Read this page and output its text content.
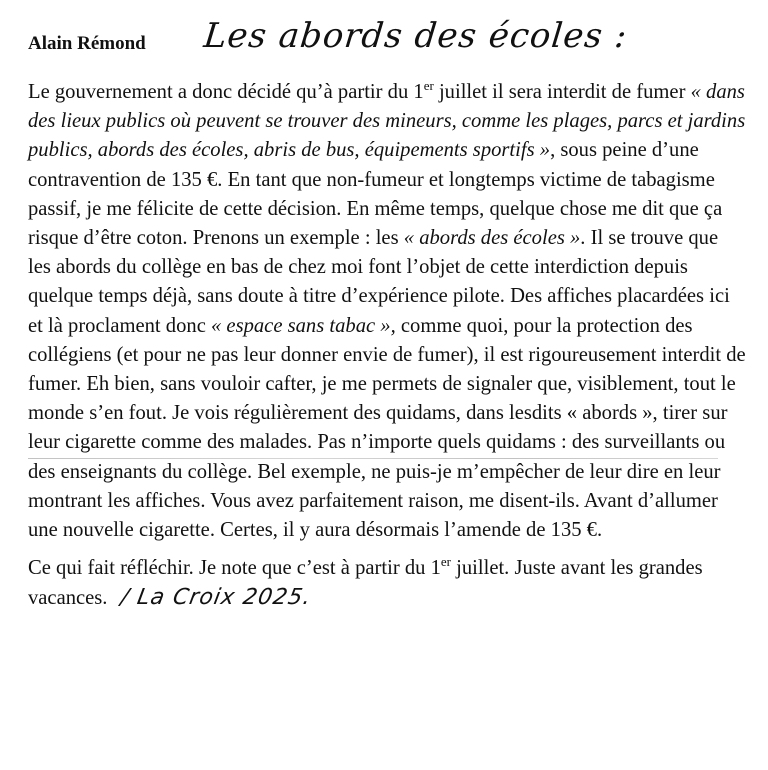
Alain Rémond Les abords des écoles :

Le gouvernement a donc décidé qu’à partir du 1er juillet il sera interdit de fumer « dans des lieux publics où peuvent se trouver des mineurs, comme les plages, parcs et jardins publics, abords des écoles, abris de bus, équipements sportifs », sous peine d’une contravention de 135 €. En tant que non-fumeur et longtemps victime de tabagisme passif, je me félicite de cette décision. En même temps, quelque chose me dit que ça risque d’être coton. Prenons un exemple : les « abords des écoles ». Il se trouve que les abords du collège en bas de chez moi font l’objet de cette interdiction depuis quelque temps déjà, sans doute à titre d’expérience pilote. Des affiches placardées ici et là proclament donc « espace sans tabac », comme quoi, pour la protection des collégiens (et pour ne pas leur donner envie de fumer), il est rigoureusement interdit de fumer. Eh bien, sans vouloir cafter, je me permets de signaler que, visiblement, tout le monde s’en fout. Je vois régulièrement des quidams, dans lesdits « abords », tirer sur leur cigarette comme des malades. Pas n’importe quels quidams : des surveillants ou des enseignants du collège. Bel exemple, ne puis-je m’empêcher de leur dire en leur montrant les affiches. Vous avez parfaitement raison, me disent-ils. Avant d’allumer une nouvelle cigarette. Certes, il y aura désormais l’amende de 135 €.

Ce qui fait réfléchir. Je note que c’est à partir du 1er juillet. Juste avant les grandes vacances. / La Croix 2025.
